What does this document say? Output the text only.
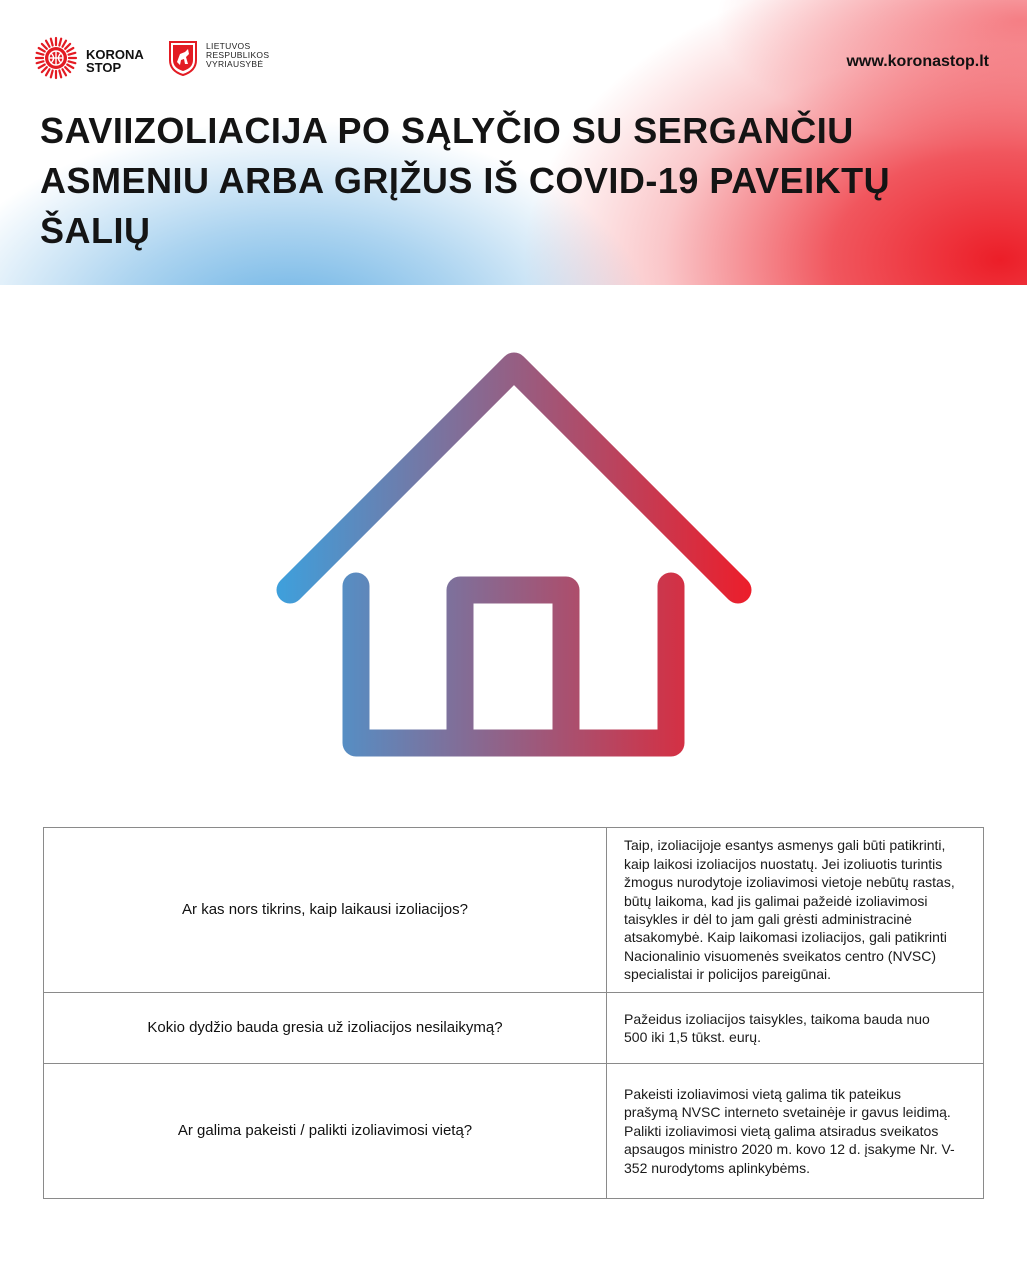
KORONA
STOP
LIETUVOS
RESPUBLIKOS
VYRIAUSYBĖ	www.koronastop.lt
SAVIIZOLIACIJA PO SĄLYČIO SU SERGANČIU ASMENIU ARBA GRĮŽUS IŠ COVID-19 PAVEIKTŲ ŠALIŲ
Ar kas nors tikrins, kaip laikausi izoliacijos?	Taip, izoliacijoje esantys asmenys gali būti patikrinti, kaip laikosi izoliacijos nuostatų. Jei izoliuotis turintis žmogus nurodytoje izoliavimosi vietoje nebūtų rastas, būtų laikoma, kad jis galimai pažeidė izoliavimosi taisykles ir dėl to jam gali grėsti administracinė atsakomybė. Kaip laikomasi izoliacijos, gali patikrinti Nacionalinio visuomenės sveikatos centro (NVSC) specialistai ir policijos pareigūnai.
Kokio dydžio bauda gresia už izoliacijos nesilaikymą?	Pažeidus izoliacijos taisykles, taikoma bauda nuo 500 iki 1,5 tūkst. eurų.
Ar galima pakeisti / palikti izoliavimosi vietą?	Pakeisti izoliavimosi vietą galima tik pateikus prašymą NVSC interneto svetainėje ir gavus leidimą. Palikti izoliavimosi vietą galima atsiradus sveikatos apsaugos ministro 2020 m. kovo 12 d. įsakyme Nr. V-352 nurodytoms aplinkybėms.
